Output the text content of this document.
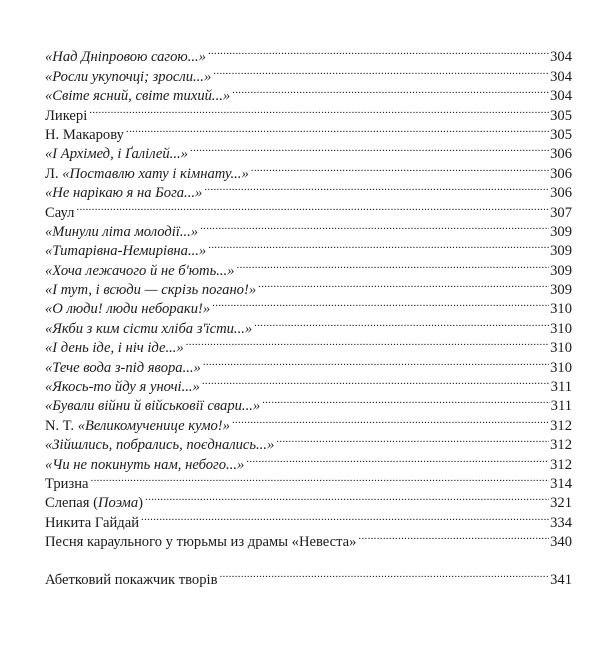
«Над Дніпровою сагою...» .....	304
«Росли укупочці; зросли...» .....	304
«Світе ясний, світе тихий...» .....	304
Ликері .....	305
Н. Макарову .....	305
«І Архімед, і Ґалілей...» .....	306
Л. «Поставлю хату і кімнату...» .....	306
«Не нарікаю я на Бога...» .....	306
Саул .....	307
«Минули літа молодії...» .....	309
«Титарівна-Немирівна...» .....	309
«Хоча лежачого й не б'ють...» .....	309
«І тут, і всюди — скрізь погано!» .....	309
«О люди! люди небораки!» .....	310
«Якби з ким сісти хліба з'їсти...» .....	310
«І день іде, і ніч іде...» .....	310
«Тече вода з-під явора...» .....	310
«Якось-то йду я уночі...» .....	311
«Бували війни й військовії свари...» .....	311
N. T. «Великомученице кумо!» .....	312
«Зійшлись, побрались, поєднались...» .....	312
«Чи не покинуть нам, небого...» .....	312
Тризна .....	314
Слепая (Поэма) .....	321
Никита Гайдай .....	334
Песня караульного у тюрьмы из драмы «Невеста» .....	340
Абетковий покажчик творів .....	341
